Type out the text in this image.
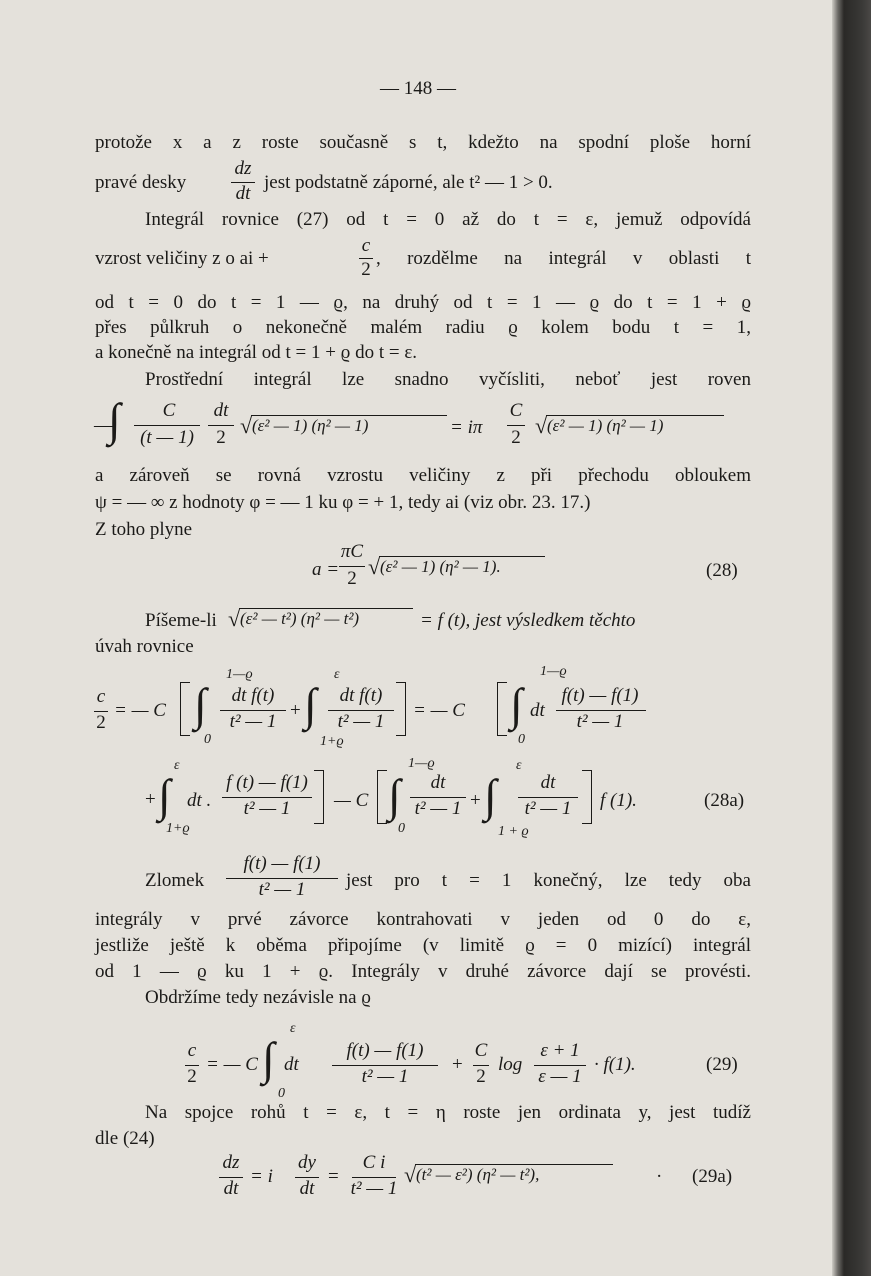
— 148 —
protože x a z roste současně s t, kdežto na spodní ploše horní
pravé desky
dz
dt
jest podstatně záporné, ale t² — 1 > 0.
Integrál rovnice (27) od t = 0 až do t = ε, jemuž odpovídá
vzrost veličiny z o ai +
c
2
, rozdělme na integrál v oblasti t
od t = 0 do t = 1 — ϱ, na druhý od t = 1 — ϱ do t = 1 + ϱ
přes půlkruh o nekonečně malém radiu ϱ kolem bodu t = 1,
a konečně na integrál od t = 1 + ϱ do t = ε.
Prostřední integrál lze snadno vyčísliti, neboť jest roven
—
∫	C
(t — 1)
dt
2 √ (ε² — 1) (η² — 1)	= iπ
C
2 √ (ε² — 1) (η² — 1)
a zároveň se rovná vzrostu veličiny z při přechodu obloukem
ψ = — ∞ z hodnoty φ = — 1 ku φ = + 1, tedy ai (viz obr. 23. 17.)
Z toho plyne
a =
πC
2 √ (ε² — 1) (η² — 1).	(28)
Píšeme-li √ (ε² — t²) (η² — t²)	= f (t), jest výsledkem těchto
úvah rovnice
c
2
= — C
1—ϱ
∫
0
dt f(t)
t² — 1
+
ε
∫
1+ϱ
dt f(t)
t² — 1
= — C
1—ϱ
∫
0
dt
f(t) — f(1)
t² — 1
ε
∫
+
1+ϱ
dt .
f (t) — f(1)
t² — 1	— C
1—ϱ
∫
0
dt
t² — 1 +
ε
∫
1 + ϱ
dt
t² — 1	f (1).	(28a)
Zlomek
f(t) — f(1)
t² — 1	jest pro t = 1 konečný, lze tedy oba
integrály v prvé závorce kontrahovati v jeden od 0 do ε,
jestliže ještě k oběma připojíme (v limitě ϱ = 0 mizící) integrál
od 1 — ϱ ku 1 + ϱ. Integrály v druhé závorce dají se provésti.
Obdržíme tedy nezávisle na ϱ
c
2
= — C
ε
∫
0
dt
f(t) — f(1)
t² — 1
+
C
2
log
ε + 1
ε — 1
· f(1).	(29)
Na spojce rohů t = ε, t = η roste jen ordinata y, jest tudíž
dle (24)
dz
dt
= i
dy
dt
=
C i
t² — 1
√ (t² — ε²) (η² — t²),	· (29a)
